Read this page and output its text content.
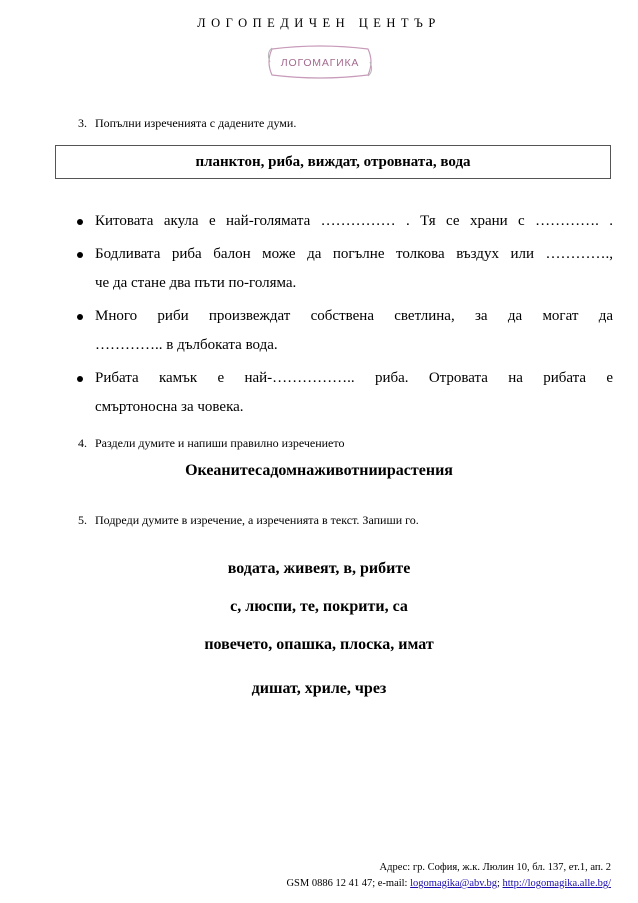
ЛОГОПЕДИЧЕН ЦЕНТЪР
ЛОГОМАГИКА
3. Попълни изреченията с дадените думи.
планктон, риба, виждат, отровната, вода
Китовата акула е най-голямата …………… . Тя се храни с …………. .
Бодливата риба балон може да погълне толкова въздух или ………….,
че да стане два пъти по-голяма.
Много риби произвеждат собствена светлина, за да могат да
………….. в дълбоката вода.
Рибата камък е най-…………….. риба. Отровата на рибата е
смъртоносна за човека.
4. Раздели думите и напиши правилно изречението
Океанитесадомнаживотниирастения
5. Подреди думите в изречение, а изреченията в текст. Запиши го.
водата, живеят, в, рибите
с, люспи, те, покрити, са
повечето, опашка, плоска, имат
дишат, хриле, чрез
Адрес: гр. София, ж.к. Люлин 10, бл. 137, ет.1, ап. 2
GSM 0886 12 41 47; e-mail: logomagika@abv.bg; http://logomagika.alle.bg/
